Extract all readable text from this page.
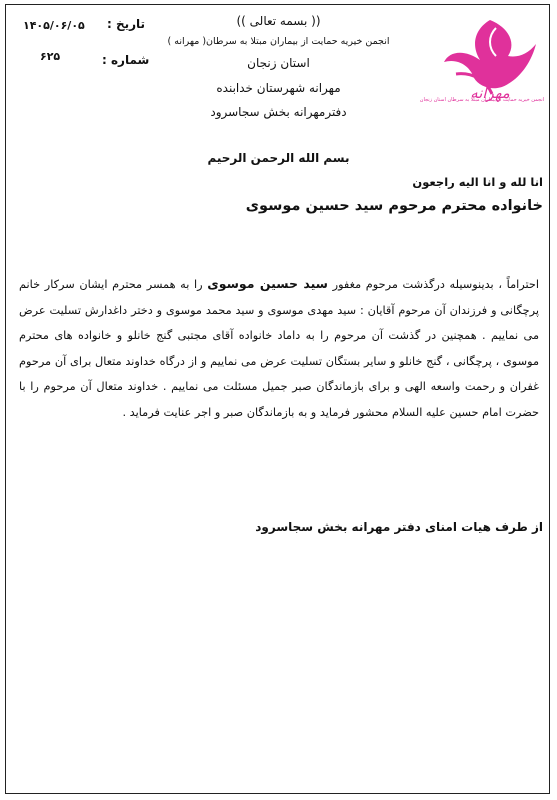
مهرانه
انجمن خیریه حمایت از بیماران مبتلا به سرطان استان زنجان
(( بسمه تعالی ))
انجمن خیریه حمایت از بیماران مبتلا به سرطان( مهرانه )
استان زنجان
مهرانه شهرستان خدابنده
دفترمهرانه بخش سجاسرود
تاریخ :
۱۴۰۵/۰۶/۰۵
شماره :
۶۲۵
بسم الله الرحمن الرحیم
انا لله و انا الیه راجعون
خانواده محترم مرحوم سید حسین موسوی
احتراماً ، بدینوسیله درگذشت مرحوم مغفور سید حسین موسوی را به همسر محترم ایشان سرکار خانم پرچگانی و فرزندان آن مرحوم آقایان : سید مهدی موسوی و سید محمد موسوی و دختر داغدارش تسلیت عرض می نماییم . همچنین در گذشت آن مرحوم را به داماد خانواده آقای مجتبی گنج خانلو و خانواده های محترم موسوی ، پرچگانی ، گنج خانلو و سایر بستگان تسلیت عرض می نماییم و از درگاه خداوند متعال برای آن مرحوم غفران و رحمت واسعه الهی و برای بازماندگان صبر جمیل مسئلت می نماییم . خداوند متعال آن مرحوم را با حضرت امام حسین علیه السلام محشور فرماید و به بازماندگان صبر و اجر عنایت فرماید .
از طرف هیات امنای دفتر مهرانه بخش سجاسرود
